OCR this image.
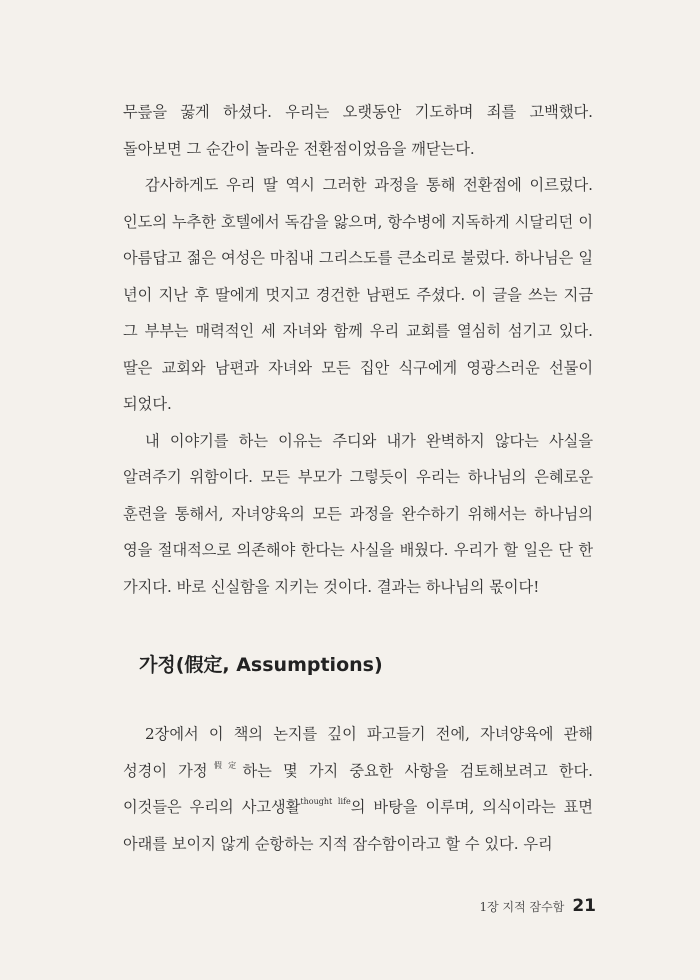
무릎을 꿇게 하셨다. 우리는 오랫동안 기도하며 죄를 고백했다. 돌아보면 그 순간이 놀라운 전환점이었음을 깨닫는다.

감사하게도 우리 딸 역시 그러한 과정을 통해 전환점에 이르렀다. 인도의 누추한 호텔에서 독감을 앓으며, 항수병에 지독하게 시달리던 이 아름답고 젊은 여성은 마침내 그리스도를 큰소리로 불렀다. 하나님은 일 년이 지난 후 딸에게 멋지고 경건한 남편도 주셨다. 이 글을 쓰는 지금 그 부부는 매력적인 세 자녀와 함께 우리 교회를 열심히 섬기고 있다. 딸은 교회와 남편과 자녀와 모든 집안 식구에게 영광스러운 선물이 되었다.

내 이야기를 하는 이유는 주디와 내가 완벽하지 않다는 사실을 알려주기 위함이다. 모든 부모가 그렇듯이 우리는 하나님의 은혜로운 훈련을 통해서, 자녀양육의 모든 과정을 완수하기 위해서는 하나님의 영을 절대적으로 의존해야 한다는 사실을 배웠다. 우리가 할 일은 단 한 가지다. 바로 신실함을 지키는 것이다. 결과는 하나님의 몫이다!

가정(假定, Assumptions)

2장에서 이 책의 논지를 깊이 파고들기 전에, 자녀양육에 관해 성경이 가정$^{假定}$하는 몇 가지 중요한 사항을 검토해보려고 한다. 이것들은 우리의 사고생활$^{thought life}$의 바탕을 이루며, 의식이라는 표면 아래를 보이지 않게 순항하는 지적 잠수함이라고 할 수 있다. 우리

1장 지적 잠수함 21
